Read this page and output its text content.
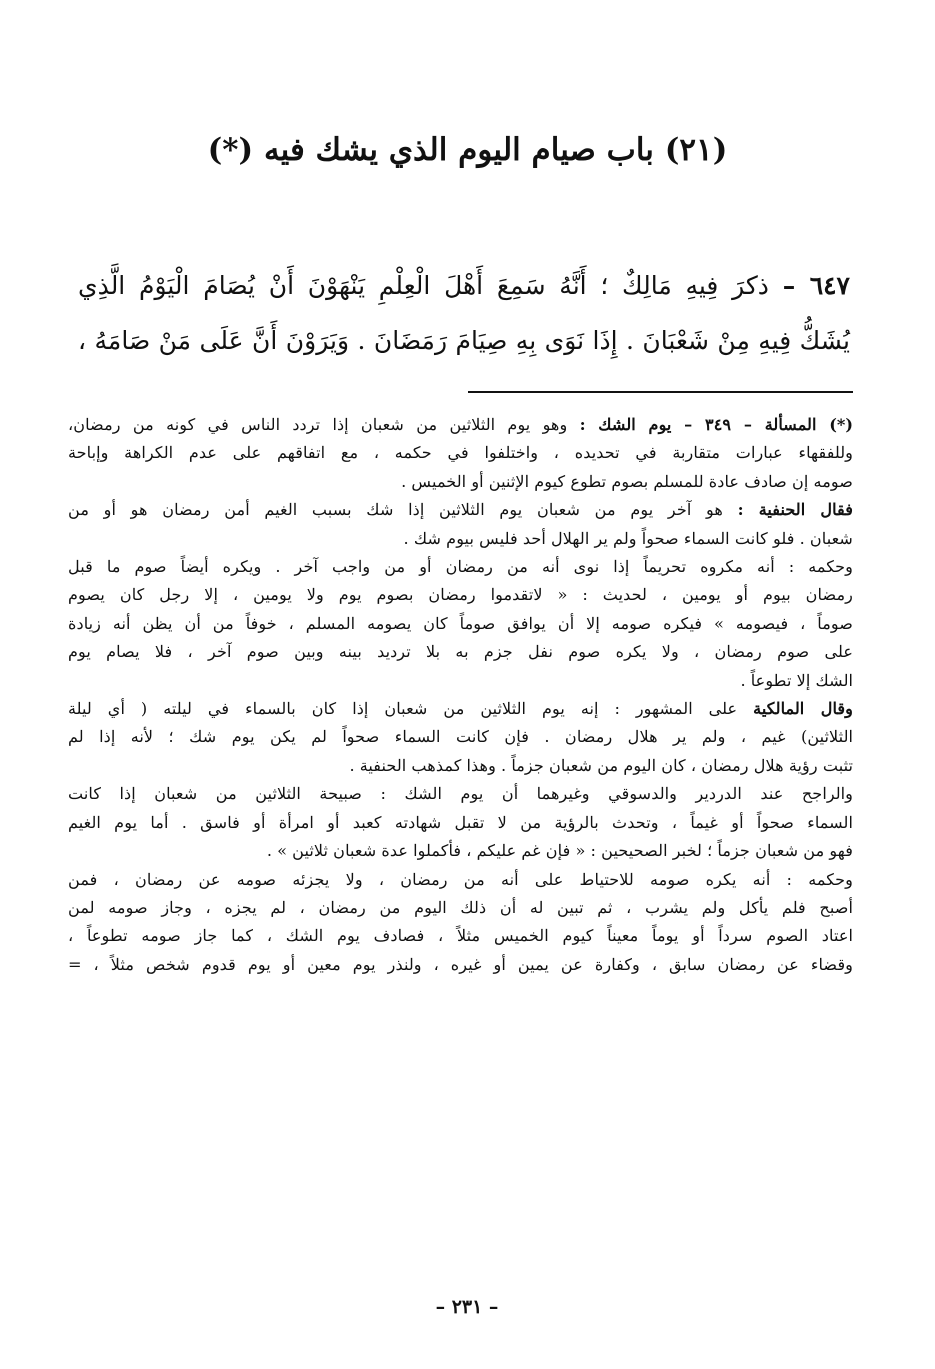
(٢١) باب صيام اليوم الذي يشك فيه (*)
٦٤٧ – ذكرَ فِيهِ مَالِكٌ ؛ أَنَّهُ سَمِعَ أَهْلَ الْعِلْمِ يَنْهَوْنَ أَنْ يُصَامَ الْيَوْمُ الَّذِي
يُشَكُّ فِيهِ مِنْ شَعْبَانَ . إِذَا نَوَى بِهِ صِيَامَ رَمَضَانَ . وَيَرَوْنَ أَنَّ عَلَى مَنْ صَامَهُ ،
(*) المسألة – ٣٤٩ – يوم الشك : وهو يوم الثلاثين من شعبان إذا تردد الناس في كونه من رمضان،
وللفقهاء عبارات متقاربة في تحديده ، واختلفوا في حكمه ، مع اتفاقهم على عدم الكراهة وإباحة
صومه إن صادف عادة للمسلم بصوم تطوع كيوم الإثنين أو الخميس .
فقال الحنفية : هو آخر يوم من شعبان يوم الثلاثين إذا شك بسبب الغيم أمن رمضان هو أو من
شعبان . فلو كانت السماء صحواً ولم ير الهلال أحد فليس بيوم شك .
وحكمه : أنه مكروه تحريماً إذا نوى أنه من رمضان أو من واجب آخر . ويكره أيضاً صوم ما قبل
رمضان بيوم أو يومين ، لحديث : « لاتقدموا رمضان بصوم يوم ولا يومين ، إلا رجل كان يصوم
صوماً ، فيصومه » فيكره صومه إلا أن يوافق صوماً كان يصومه المسلم ، خوفاً من أن يظن أنه زيادة
على صوم رمضان ، ولا يكره صوم نفل جزم به بلا ترديد بينه وبين صوم آخر ، فلا يصام يوم
الشك إلا تطوعاً .
وقال المالكية على المشهور : إنه يوم الثلاثين من شعبان إذا كان بالسماء في ليلته ( أي ليلة
الثلاثين) غيم ، ولم ير هلال رمضان . فإن كانت السماء صحواً لم يكن يوم شك ؛ لأنه إذا لم
تثبت رؤية هلال رمضان ، كان اليوم من شعبان جزماً . وهذا كمذهب الحنفية .
والراجح عند الدردير والدسوقي وغيرهما أن يوم الشك : صبيحة الثلاثين من شعبان إذا كانت
السماء صحواً أو غيماً ، وتحدث بالرؤية من لا تقبل شهادته كعبد أو امرأة أو فاسق . أما يوم الغيم
فهو من شعبان جزماً ؛ لخبر الصحيحين : « فإن غم عليكم ، فأكملوا عدة شعبان ثلاثين » .
وحكمه : أنه يكره صومه للاحتياط على أنه من رمضان ، ولا يجزئه صومه عن رمضان ، فمن
أصبح فلم يأكل ولم يشرب ، ثم تبين له أن ذلك اليوم من رمضان ، لم يجزه ، وجاز صومه لمن
اعتاد الصوم سرداً أو يوماً معيناً كيوم الخميس مثلاً ، فصادف يوم الشك ، كما جاز صومه تطوعاً ،
وقضاء عن رمضان سابق ، وكفارة عن يمين أو غيره ، ولنذر يوم معين أو يوم قدوم شخص مثلاً ، =
– ٢٣١ –
